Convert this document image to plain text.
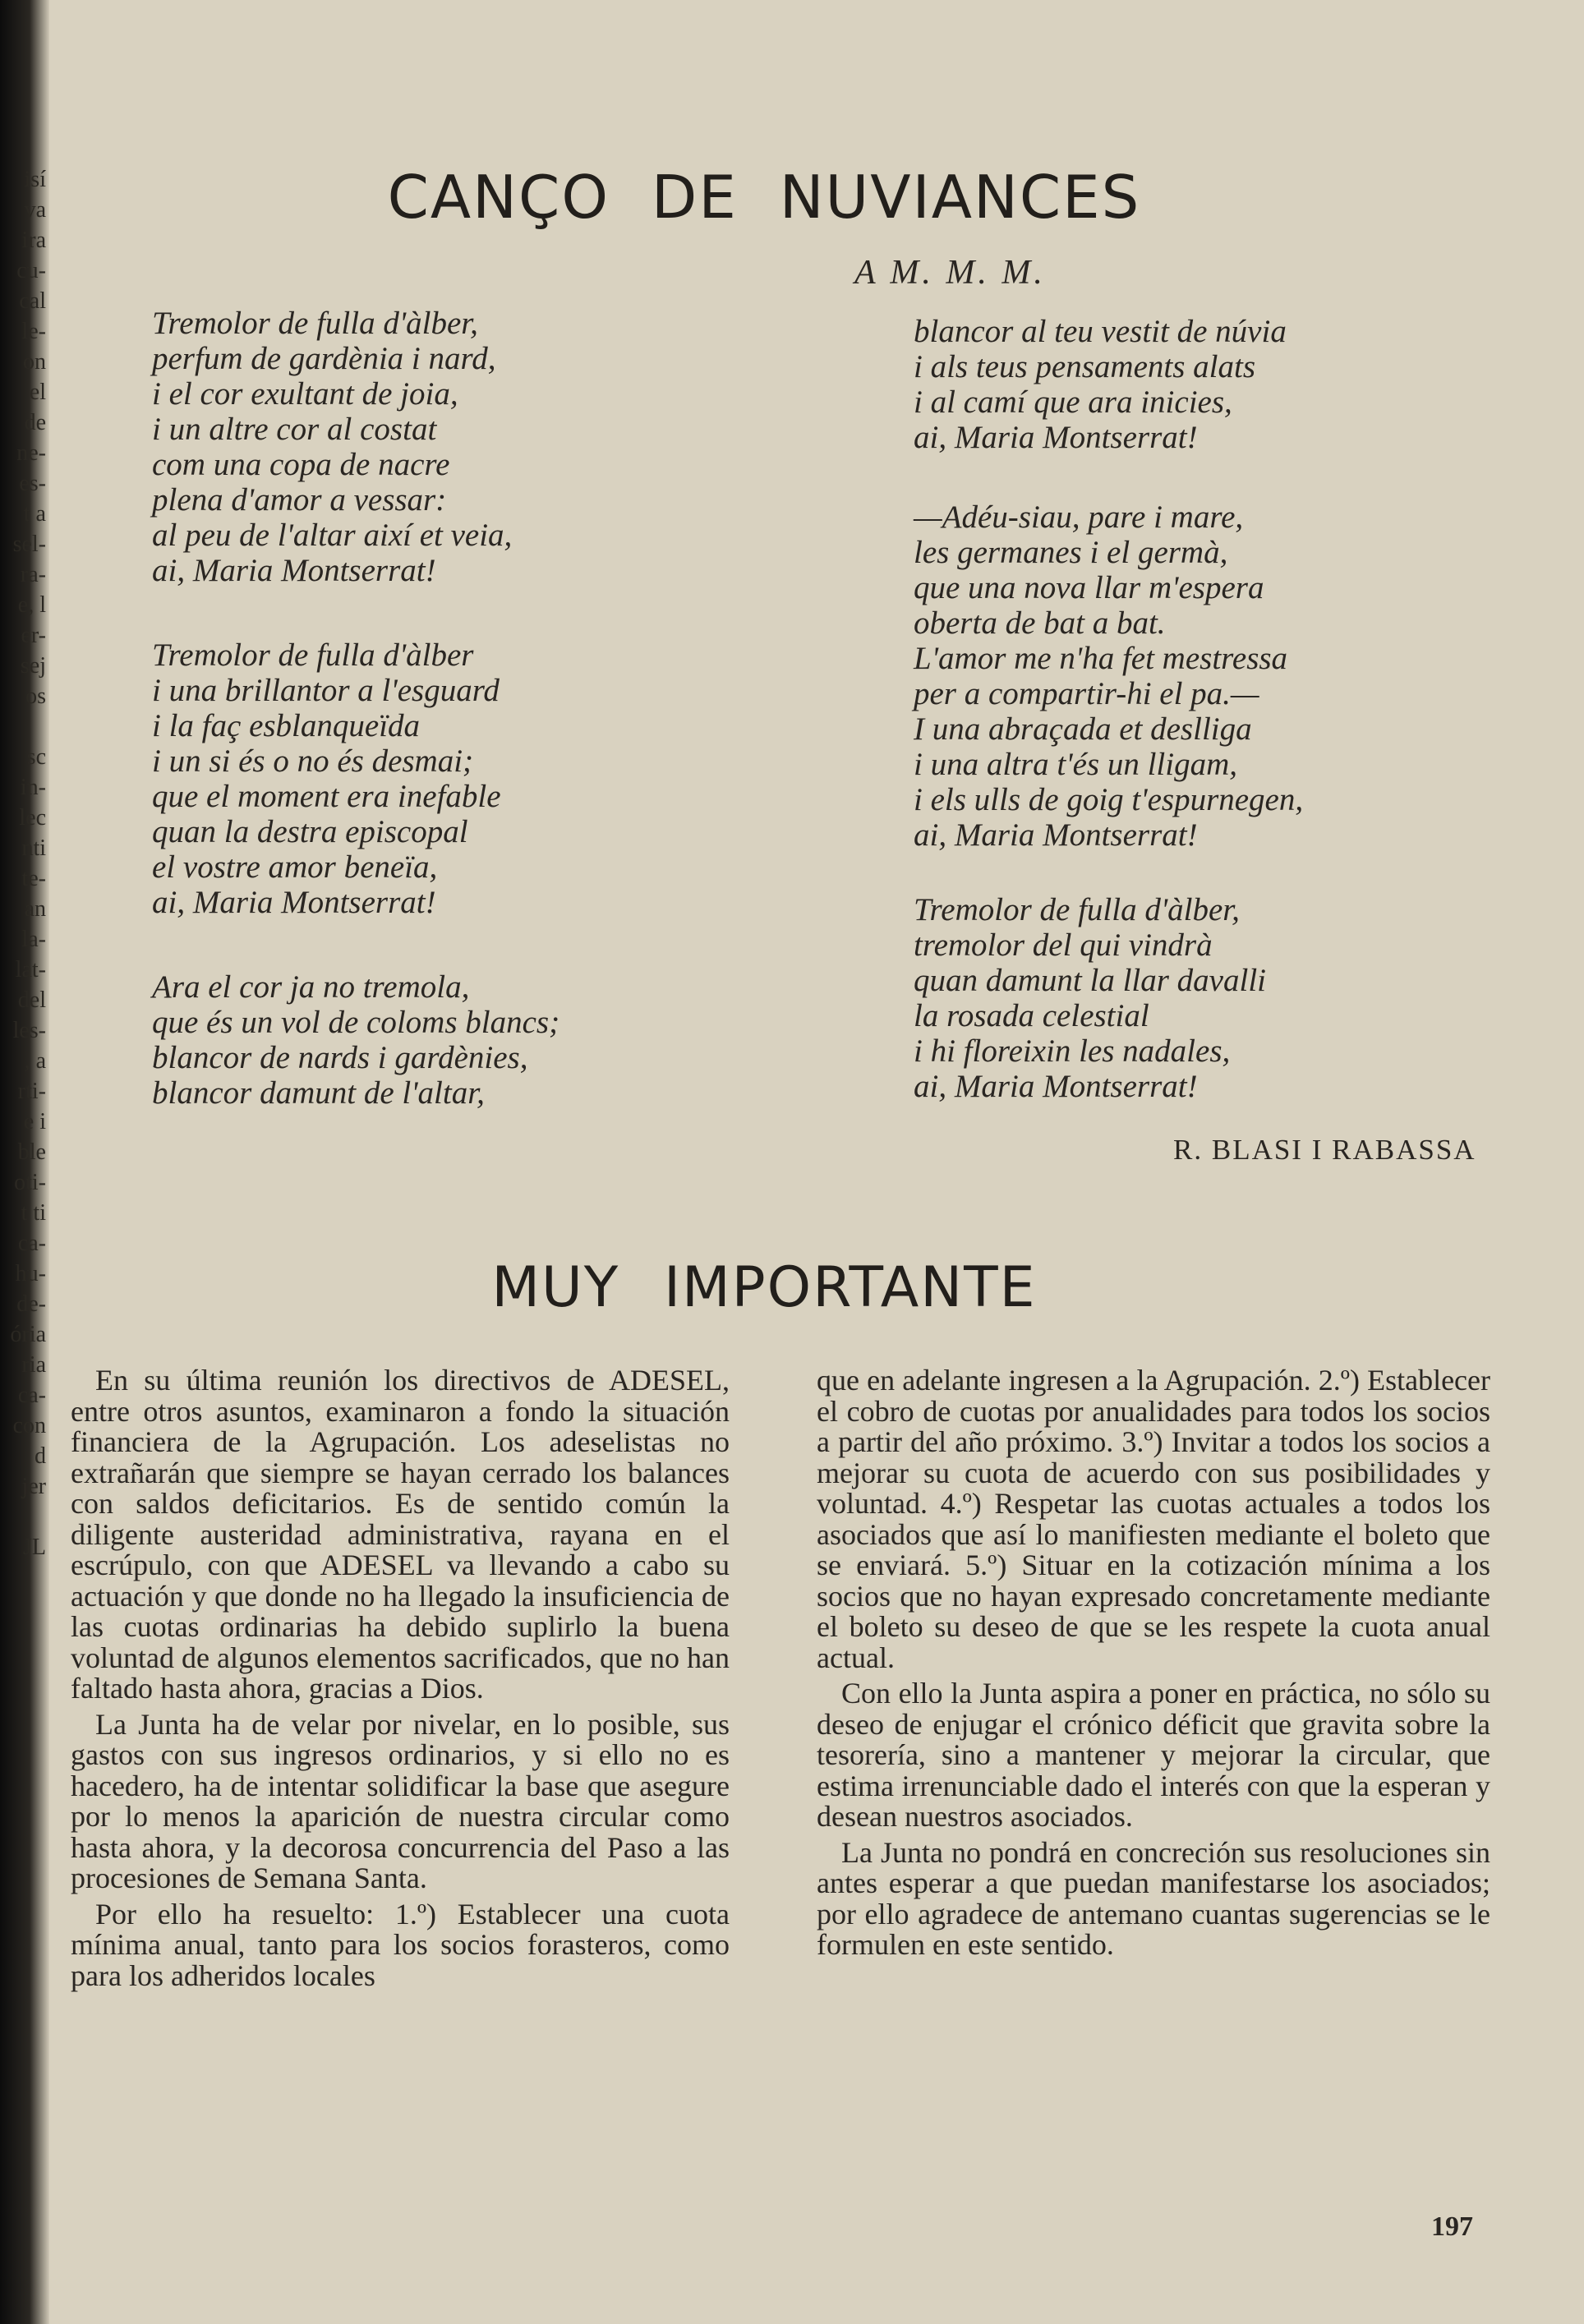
isí
va
ira
cu-
cal
le-
on
el
de
ne-
es-
t a
sel-
ra-
e, l
er-
sej
os
sc
in-
lec
nti
te-
an
la-
lat-
del
les-
, a
rti-
e i
ble
oti-
t ti
ca-
hu-
de-
ória
ria
ca-
con
d
jer
JL
CANÇO DE NUVIANCES
A M. M. M.
Tremolor de fulla d'àlber,
perfum de gardènia i nard,
i el cor exultant de joia,
i un altre cor al costat
com una copa de nacre
plena d'amor a vessar:
al peu de l'altar així et veia,
ai, Maria Montserrat!
Tremolor de fulla d'àlber
i una brillantor a l'esguard
i la faç esblanqueïda
i un si és o no és desmai;
que el moment era inefable
quan la destra episcopal
el vostre amor beneïa,
ai, Maria Montserrat!
Ara el cor ja no tremola,
que és un vol de coloms blancs;
blancor de nards i gardènies,
blancor damunt de l'altar,
blancor al teu vestit de núvia
i als teus pensaments alats
i al camí que ara inicies,
ai, Maria Montserrat!
—Adéu-siau, pare i mare,
les germanes i el germà,
que una nova llar m'espera
oberta de bat a bat.
L'amor me n'ha fet mestressa
per a compartir-hi el pa.—
I una abraçada et deslliga
i una altra t'és un lligam,
i els ulls de goig t'espurnegen,
ai, Maria Montserrat!
Tremolor de fulla d'àlber,
tremolor del qui vindrà
quan damunt la llar davalli
la rosada celestial
i hi floreixin les nadales,
ai, Maria Montserrat!
R. BLASI I RABASSA
MUY IMPORTANTE

En su última reunión los directivos de ADESEL, entre otros asuntos, examinaron a fondo la situación financiera de la Agrupación. Los adeselistas no extrañarán que siempre se hayan cerrado los balances con saldos deficitarios. Es de sentido común la diligente austeridad administrativa, rayana en el escrúpulo, con que ADESEL va llevando a cabo su actuación y que donde no ha llegado la insuficiencia de las cuotas ordinarias ha debido suplirlo la buena voluntad de algunos elementos sacrificados, que no han faltado hasta ahora, gracias a Dios.

La Junta ha de velar por nivelar, en lo posible, sus gastos con sus ingresos ordinarios, y si ello no es hacedero, ha de intentar solidificar la base que asegure por lo menos la aparición de nuestra circular como hasta ahora, y la decorosa concurrencia del Paso a las procesiones de Semana Santa.

Por ello ha resuelto: 1.º) Establecer una cuota mínima anual, tanto para los socios forasteros, como para los adheridos locales

que en adelante ingresen a la Agrupación. 2.º) Establecer el cobro de cuotas por anualidades para todos los socios a partir del año próximo. 3.º) Invitar a todos los socios a mejorar su cuota de acuerdo con sus posibilidades y voluntad. 4.º) Respetar las cuotas actuales a todos los asociados que así lo manifiesten mediante el boleto que se enviará. 5.º) Situar en la cotización mínima a los socios que no hayan expresado concretamente mediante el boleto su deseo de que se les respete la cuota anual actual.

Con ello la Junta aspira a poner en práctica, no sólo su deseo de enjugar el crónico déficit que gravita sobre la tesorería, sino a mantener y mejorar la circular, que estima irrenunciable dado el interés con que la esperan y desean nuestros asociados.

La Junta no pondrá en concreción sus resoluciones sin antes esperar a que puedan manifestarse los asociados; por ello agradece de antemano cuantas sugerencias se le formulen en este sentido.

197
